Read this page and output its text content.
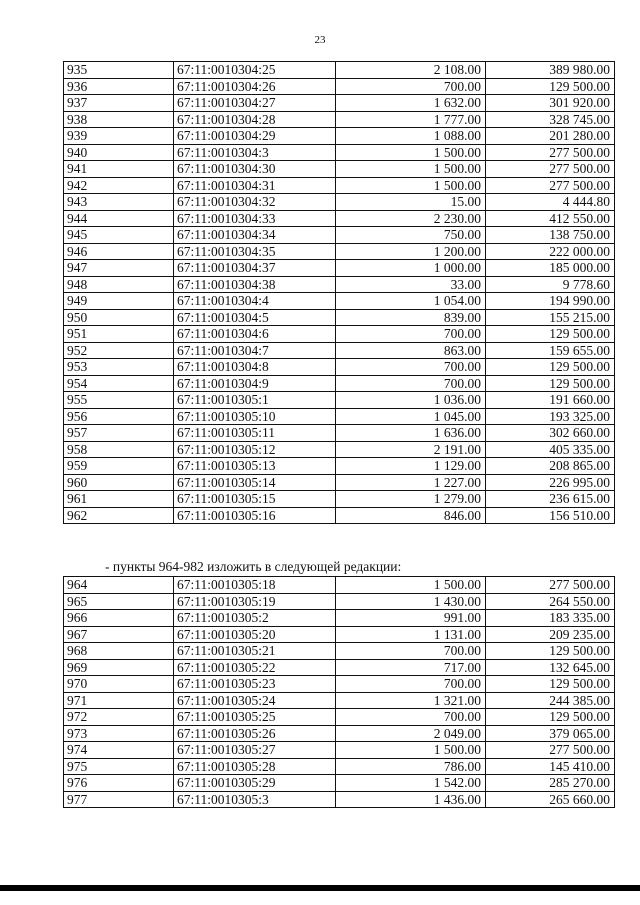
23
935	67:11:0010304:25	2 108.00	389 980.00
936	67:11:0010304:26	700.00	129 500.00
937	67:11:0010304:27	1 632.00	301 920.00
938	67:11:0010304:28	1 777.00	328 745.00
939	67:11:0010304:29	1 088.00	201 280.00
940	67:11:0010304:3	1 500.00	277 500.00
941	67:11:0010304:30	1 500.00	277 500.00
942	67:11:0010304:31	1 500.00	277 500.00
943	67:11:0010304:32	15.00	4 444.80
944	67:11:0010304:33	2 230.00	412 550.00
945	67:11:0010304:34	750.00	138 750.00
946	67:11:0010304:35	1 200.00	222 000.00
947	67:11:0010304:37	1 000.00	185 000.00
948	67:11:0010304:38	33.00	9 778.60
949	67:11:0010304:4	1 054.00	194 990.00
950	67:11:0010304:5	839.00	155 215.00
951	67:11:0010304:6	700.00	129 500.00
952	67:11:0010304:7	863.00	159 655.00
953	67:11:0010304:8	700.00	129 500.00
954	67:11:0010304:9	700.00	129 500.00
955	67:11:0010305:1	1 036.00	191 660.00
956	67:11:0010305:10	1 045.00	193 325.00
957	67:11:0010305:11	1 636.00	302 660.00
958	67:11:0010305:12	2 191.00	405 335.00
959	67:11:0010305:13	1 129.00	208 865.00
960	67:11:0010305:14	1 227.00	226 995.00
961	67:11:0010305:15	1 279.00	236 615.00
962	67:11:0010305:16	846.00	156 510.00
- пункты 964-982 изложить в следующей редакции:
964	67:11:0010305:18	1 500.00	277 500.00
965	67:11:0010305:19	1 430.00	264 550.00
966	67:11:0010305:2	991.00	183 335.00
967	67:11:0010305:20	1 131.00	209 235.00
968	67:11:0010305:21	700.00	129 500.00
969	67:11:0010305:22	717.00	132 645.00
970	67:11:0010305:23	700.00	129 500.00
971	67:11:0010305:24	1 321.00	244 385.00
972	67:11:0010305:25	700.00	129 500.00
973	67:11:0010305:26	2 049.00	379 065.00
974	67:11:0010305:27	1 500.00	277 500.00
975	67:11:0010305:28	786.00	145 410.00
976	67:11:0010305:29	1 542.00	285 270.00
977	67:11:0010305:3	1 436.00	265 660.00
